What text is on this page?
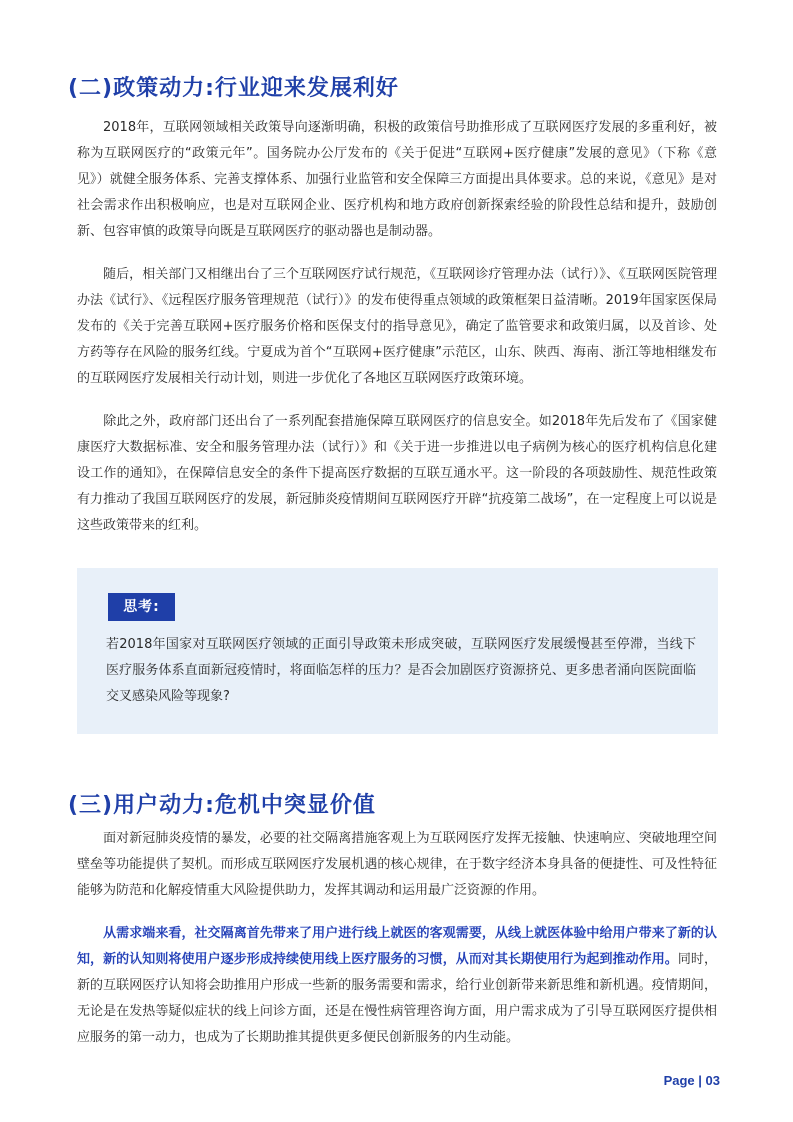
(二)政策动力:行业迎来发展利好

2018年，互联网领域相关政策导向逐渐明确，积极的政策信号助推形成了互联网医疗发展的多重利好，被称为互联网医疗的“政策元年”。国务院办公厅发布的《关于促进“互联网+医疗健康”发展的意见》（下称《意见》）就健全服务体系、完善支撑体系、加强行业监管和安全保障三方面提出具体要求。总的来说，《意见》是对社会需求作出积极响应，也是对互联网企业、医疗机构和地方政府创新探索经验的阶段性总结和提升，鼓励创新、包容审慎的政策导向既是互联网医疗的驱动器也是制动器。

随后，相关部门又相继出台了三个互联网医疗试行规范，《互联网诊疗管理办法（试行）》、《互联网医院管理办法《试行》、《远程医疗服务管理规范（试行）》的发布使得重点领域的政策框架日益清晰。2019年国家医保局发布的《关于完善互联网+医疗服务价格和医保支付的指导意见》，确定了监管要求和政策归属，以及首诊、处方药等存在风险的服务红线。宁夏成为首个“互联网+医疗健康”示范区，山东、陕西、海南、浙江等地相继发布的互联网医疗发展相关行动计划，则进一步优化了各地区互联网医疗政策环境。

除此之外，政府部门还出台了一系列配套措施保障互联网医疗的信息安全。如2018年先后发布了《国家健康医疗大数据标准、安全和服务管理办法（试行）》和《关于进一步推进以电子病例为核心的医疗机构信息化建设工作的通知》，在保障信息安全的条件下提高医疗数据的互联互通水平。这一阶段的各项鼓励性、规范性政策有力推动了我国互联网医疗的发展，新冠肺炎疫情期间互联网医疗开辟“抗疫第二战场”，在一定程度上可以说是这些政策带来的红利。

思考:

若2018年国家对互联网医疗领域的正面引导政策未形成突破，互联网医疗发展缓慢甚至停滞，当线下医疗服务体系直面新冠疫情时，将面临怎样的压力？是否会加剧医疗资源挤兑、更多患者涌向医院面临交叉感染风险等现象?

(三)用户动力:危机中突显价值

面对新冠肺炎疫情的暴发，必要的社交隔离措施客观上为互联网医疗发挥无接触、快速响应、突破地理空间壁垒等功能提供了契机。而形成互联网医疗发展机遇的核心规律，在于数字经济本身具备的便捷性、可及性特征能够为防范和化解疫情重大风险提供助力，发挥其调动和运用最广泛资源的作用。

从需求端来看，社交隔离首先带来了用户进行线上就医的客观需要，从线上就医体验中给用户带来了新的认知，新的认知则将使用户逐步形成持续使用线上医疗服务的习惯，从而对其长期使用行为起到推动作用。同时，新的互联网医疗认知将会助推用户形成一些新的服务需要和需求，给行业创新带来新思维和新机遇。疫情期间，无论是在发热等疑似症状的线上问诊方面，还是在慢性病管理咨询方面，用户需求成为了引导互联网医疗提供相应服务的第一动力，也成为了长期助推其提供更多便民创新服务的内生动能。

Page | 03
